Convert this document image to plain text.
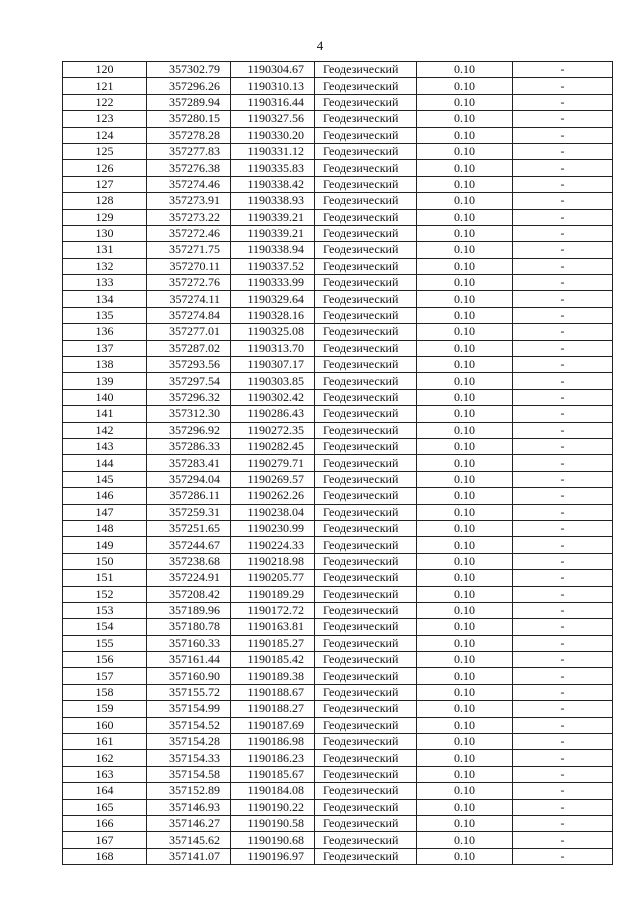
4
120	357302.79	1190304.67	Геодезический	0.10	-
121	357296.26	1190310.13	Геодезический	0.10	-
122	357289.94	1190316.44	Геодезический	0.10	-
123	357280.15	1190327.56	Геодезический	0.10	-
124	357278.28	1190330.20	Геодезический	0.10	-
125	357277.83	1190331.12	Геодезический	0.10	-
126	357276.38	1190335.83	Геодезический	0.10	-
127	357274.46	1190338.42	Геодезический	0.10	-
128	357273.91	1190338.93	Геодезический	0.10	-
129	357273.22	1190339.21	Геодезический	0.10	-
130	357272.46	1190339.21	Геодезический	0.10	-
131	357271.75	1190338.94	Геодезический	0.10	-
132	357270.11	1190337.52	Геодезический	0.10	-
133	357272.76	1190333.99	Геодезический	0.10	-
134	357274.11	1190329.64	Геодезический	0.10	-
135	357274.84	1190328.16	Геодезический	0.10	-
136	357277.01	1190325.08	Геодезический	0.10	-
137	357287.02	1190313.70	Геодезический	0.10	-
138	357293.56	1190307.17	Геодезический	0.10	-
139	357297.54	1190303.85	Геодезический	0.10	-
140	357296.32	1190302.42	Геодезический	0.10	-
141	357312.30	1190286.43	Геодезический	0.10	-
142	357296.92	1190272.35	Геодезический	0.10	-
143	357286.33	1190282.45	Геодезический	0.10	-
144	357283.41	1190279.71	Геодезический	0.10	-
145	357294.04	1190269.57	Геодезический	0.10	-
146	357286.11	1190262.26	Геодезический	0.10	-
147	357259.31	1190238.04	Геодезический	0.10	-
148	357251.65	1190230.99	Геодезический	0.10	-
149	357244.67	1190224.33	Геодезический	0.10	-
150	357238.68	1190218.98	Геодезический	0.10	-
151	357224.91	1190205.77	Геодезический	0.10	-
152	357208.42	1190189.29	Геодезический	0.10	-
153	357189.96	1190172.72	Геодезический	0.10	-
154	357180.78	1190163.81	Геодезический	0.10	-
155	357160.33	1190185.27	Геодезический	0.10	-
156	357161.44	1190185.42	Геодезический	0.10	-
157	357160.90	1190189.38	Геодезический	0.10	-
158	357155.72	1190188.67	Геодезический	0.10	-
159	357154.99	1190188.27	Геодезический	0.10	-
160	357154.52	1190187.69	Геодезический	0.10	-
161	357154.28	1190186.98	Геодезический	0.10	-
162	357154.33	1190186.23	Геодезический	0.10	-
163	357154.58	1190185.67	Геодезический	0.10	-
164	357152.89	1190184.08	Геодезический	0.10	-
165	357146.93	1190190.22	Геодезический	0.10	-
166	357146.27	1190190.58	Геодезический	0.10	-
167	357145.62	1190190.68	Геодезический	0.10	-
168	357141.07	1190196.97	Геодезический	0.10	-
